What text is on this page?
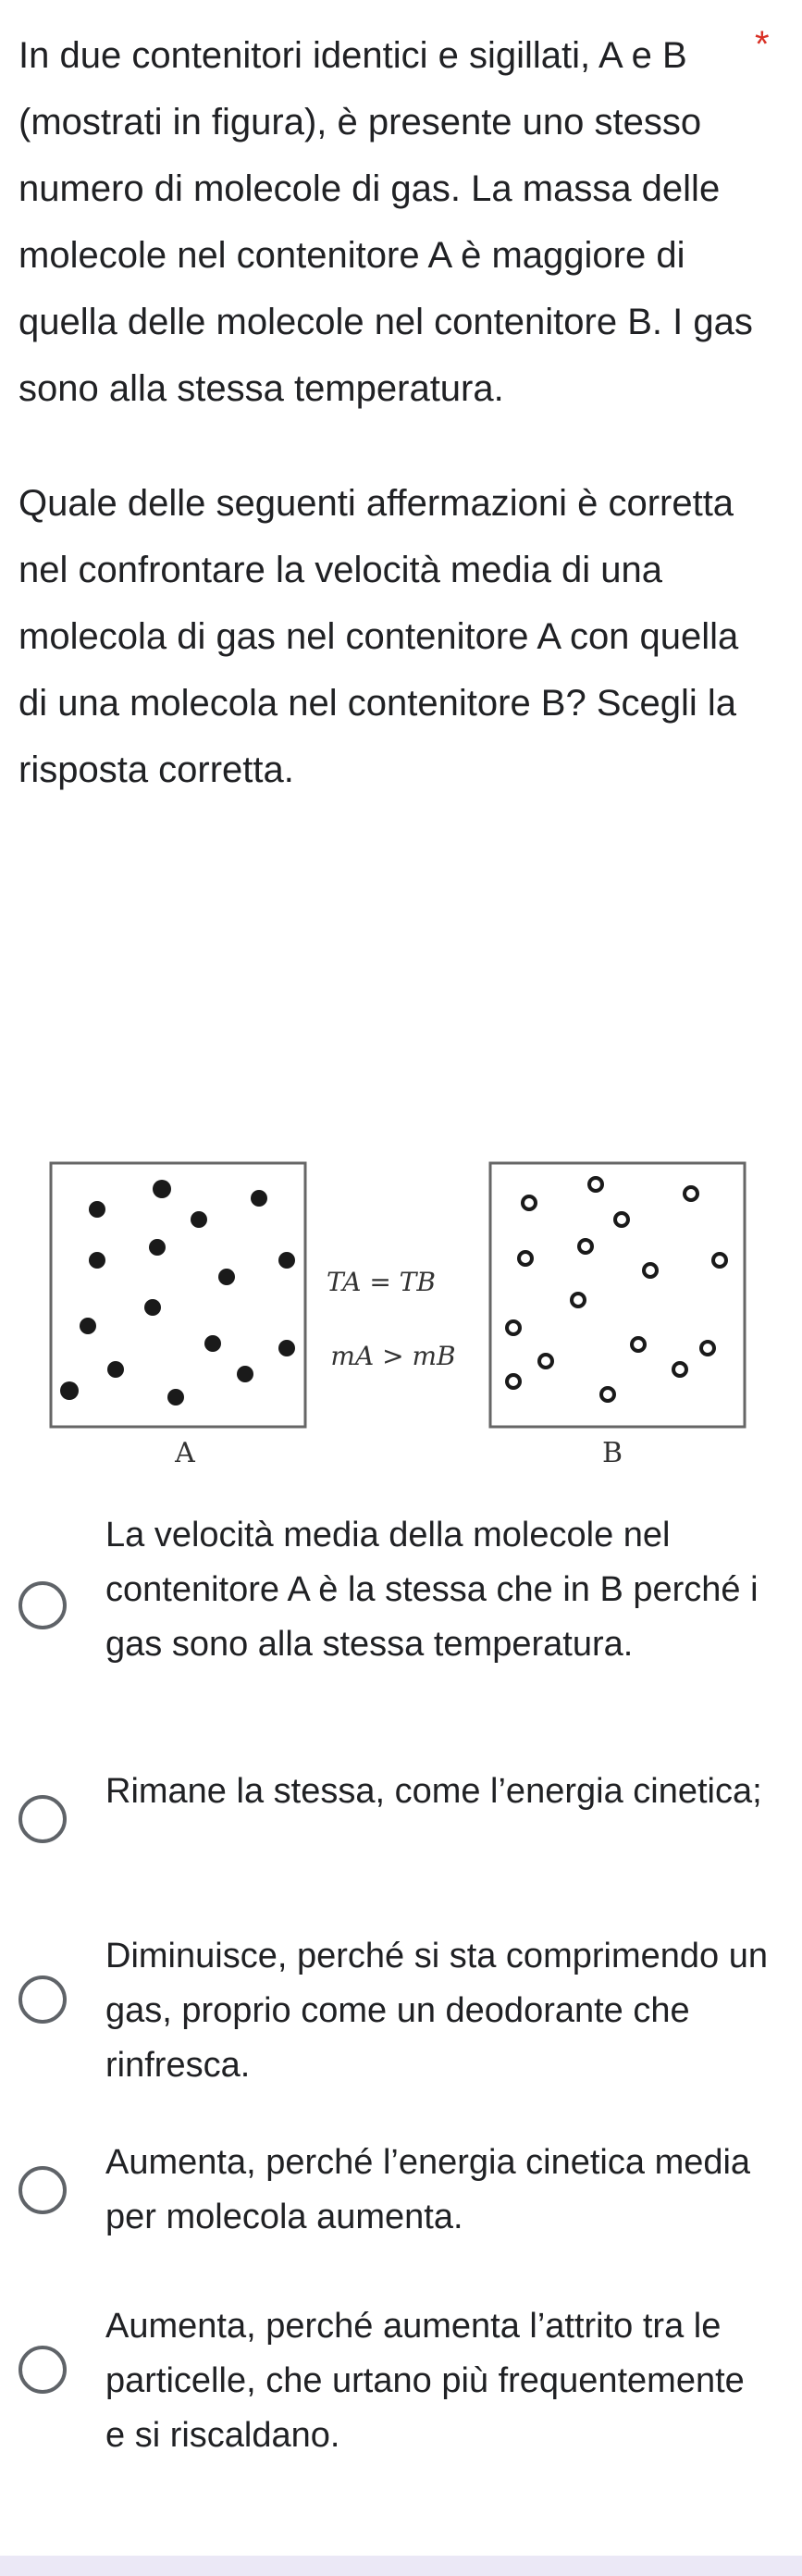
In due contenitori identici e sigillati, A e B (mostrati in figura), è presente uno stesso numero di molecole di gas. La massa delle molecole nel contenitore A è maggiore di quella delle molecole nel contenitore B. I gas sono alla stessa temperatura.

Quale delle seguenti affermazioni è corretta nel confrontare la velocità media di una molecola di gas nel contenitore A con quella di una molecola nel contenitore B? Scegli la risposta corretta.

*
A
TA = TB
mA > mB
B
La velocità media della molecole nel contenitore A è la stessa che in B perché i gas sono alla stessa temperatura.
Rimane la stessa, come l’energia cinetica;
Diminuisce, perché si sta comprimendo un gas, proprio come un deodorante che rinfresca.
Aumenta, perché l’energia cinetica media per molecola aumenta.
Aumenta, perché aumenta l’attrito tra le particelle, che urtano più frequentemente e si riscaldano.
